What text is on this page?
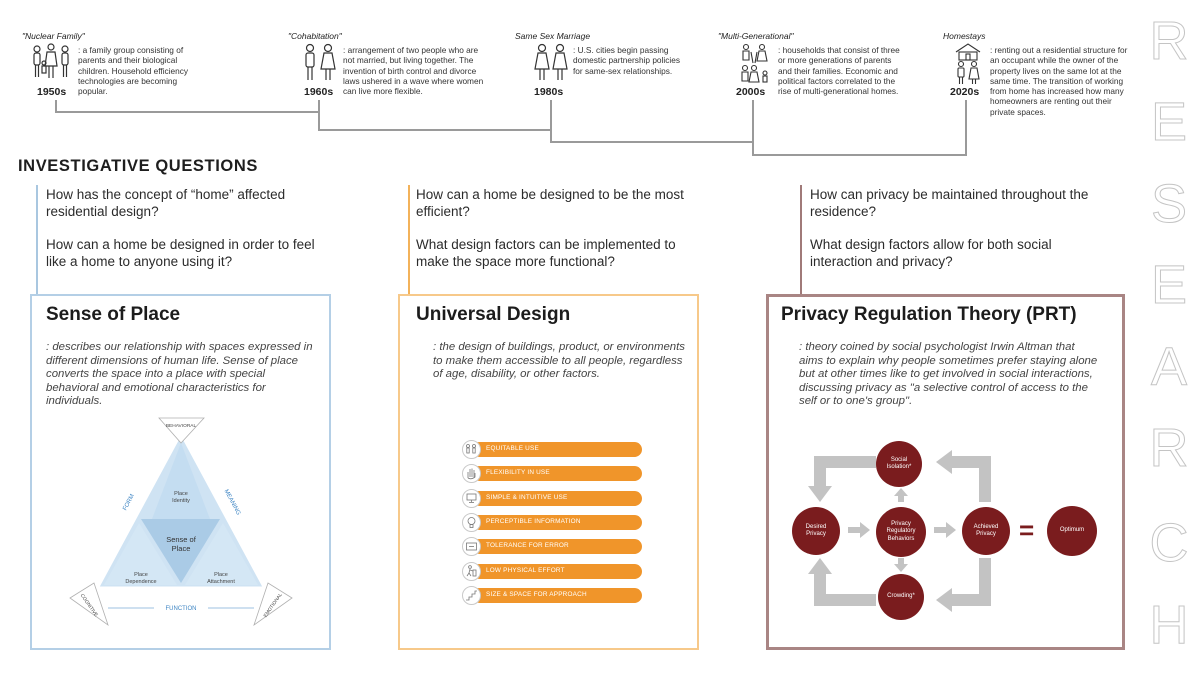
"Nuclear Family"
: a family group consisting of parents and their biological children. Household efficiency technologies are becoming popular.
1950s
"Cohabitation"
: arrangement of two people who are not married, but living together. The invention of birth control and divorce laws ushered in a wave where women can live more flexible.
1960s
Same Sex Marriage
: U.S. cities begin passing domestic partnership policies for same-sex relationships.
1980s
"Multi-Generational"
: households that consist of three or more generations of parents and their families. Economic and political factors correlated to the rise of multi-generational homes.
2000s
Homestays
: renting out a residential structure for an occupant while the owner of the property lives on the same lot at the same time. The transition of working from home has increased how many homeowners are renting out their private spaces.
2020s
INVESTIGATIVE QUESTIONS

How has the concept of “home” affected residential design?

How can a home be designed in order to feel like a home to anyone using it?

How can a home be designed to be the most efficient?

What design factors can be implemented to make the space more functional?

How can privacy be maintained throughout the residence?

What design factors allow for both social interaction and privacy?

Sense of Place
: describes our relationship with spaces expressed in different dimensions of human life. Sense of place converts the space into a place with special behavioral and emotional characteristics for individuals.
BEHAVIORAL
COGNITIVE	EMOTIONAL
FORM	MEANING
FUNCTION
Sense of Place
Place Identity
Place Dependence
Place Attachment
Universal Design
: the design of buildings, product, or environments to make them accessible to all people, regardless of age, disability, or other factors.
EQUITABLE USE
FLEXIBILITY IN USE
SIMPLE & INTUITIVE USE
PERCEPTIBLE INFORMATION
TOLERANCE FOR ERROR
LOW PHYSICAL EFFORT
SIZE & SPACE FOR APPROACH
Privacy Regulation Theory (PRT)
: theory coined by social psychologist Irwin Altman that aims to explain why people sometimes prefer staying alone but at other times like to get involved in social interactions, discussing privacy as "a selective control of access to the self or to one's group".
Social Isolation*
Desired Privacy
Privacy Regulatory Behaviors
Achieved Privacy
Crowding*
=	Optimum
R
E
S
E
A
R
C
H
